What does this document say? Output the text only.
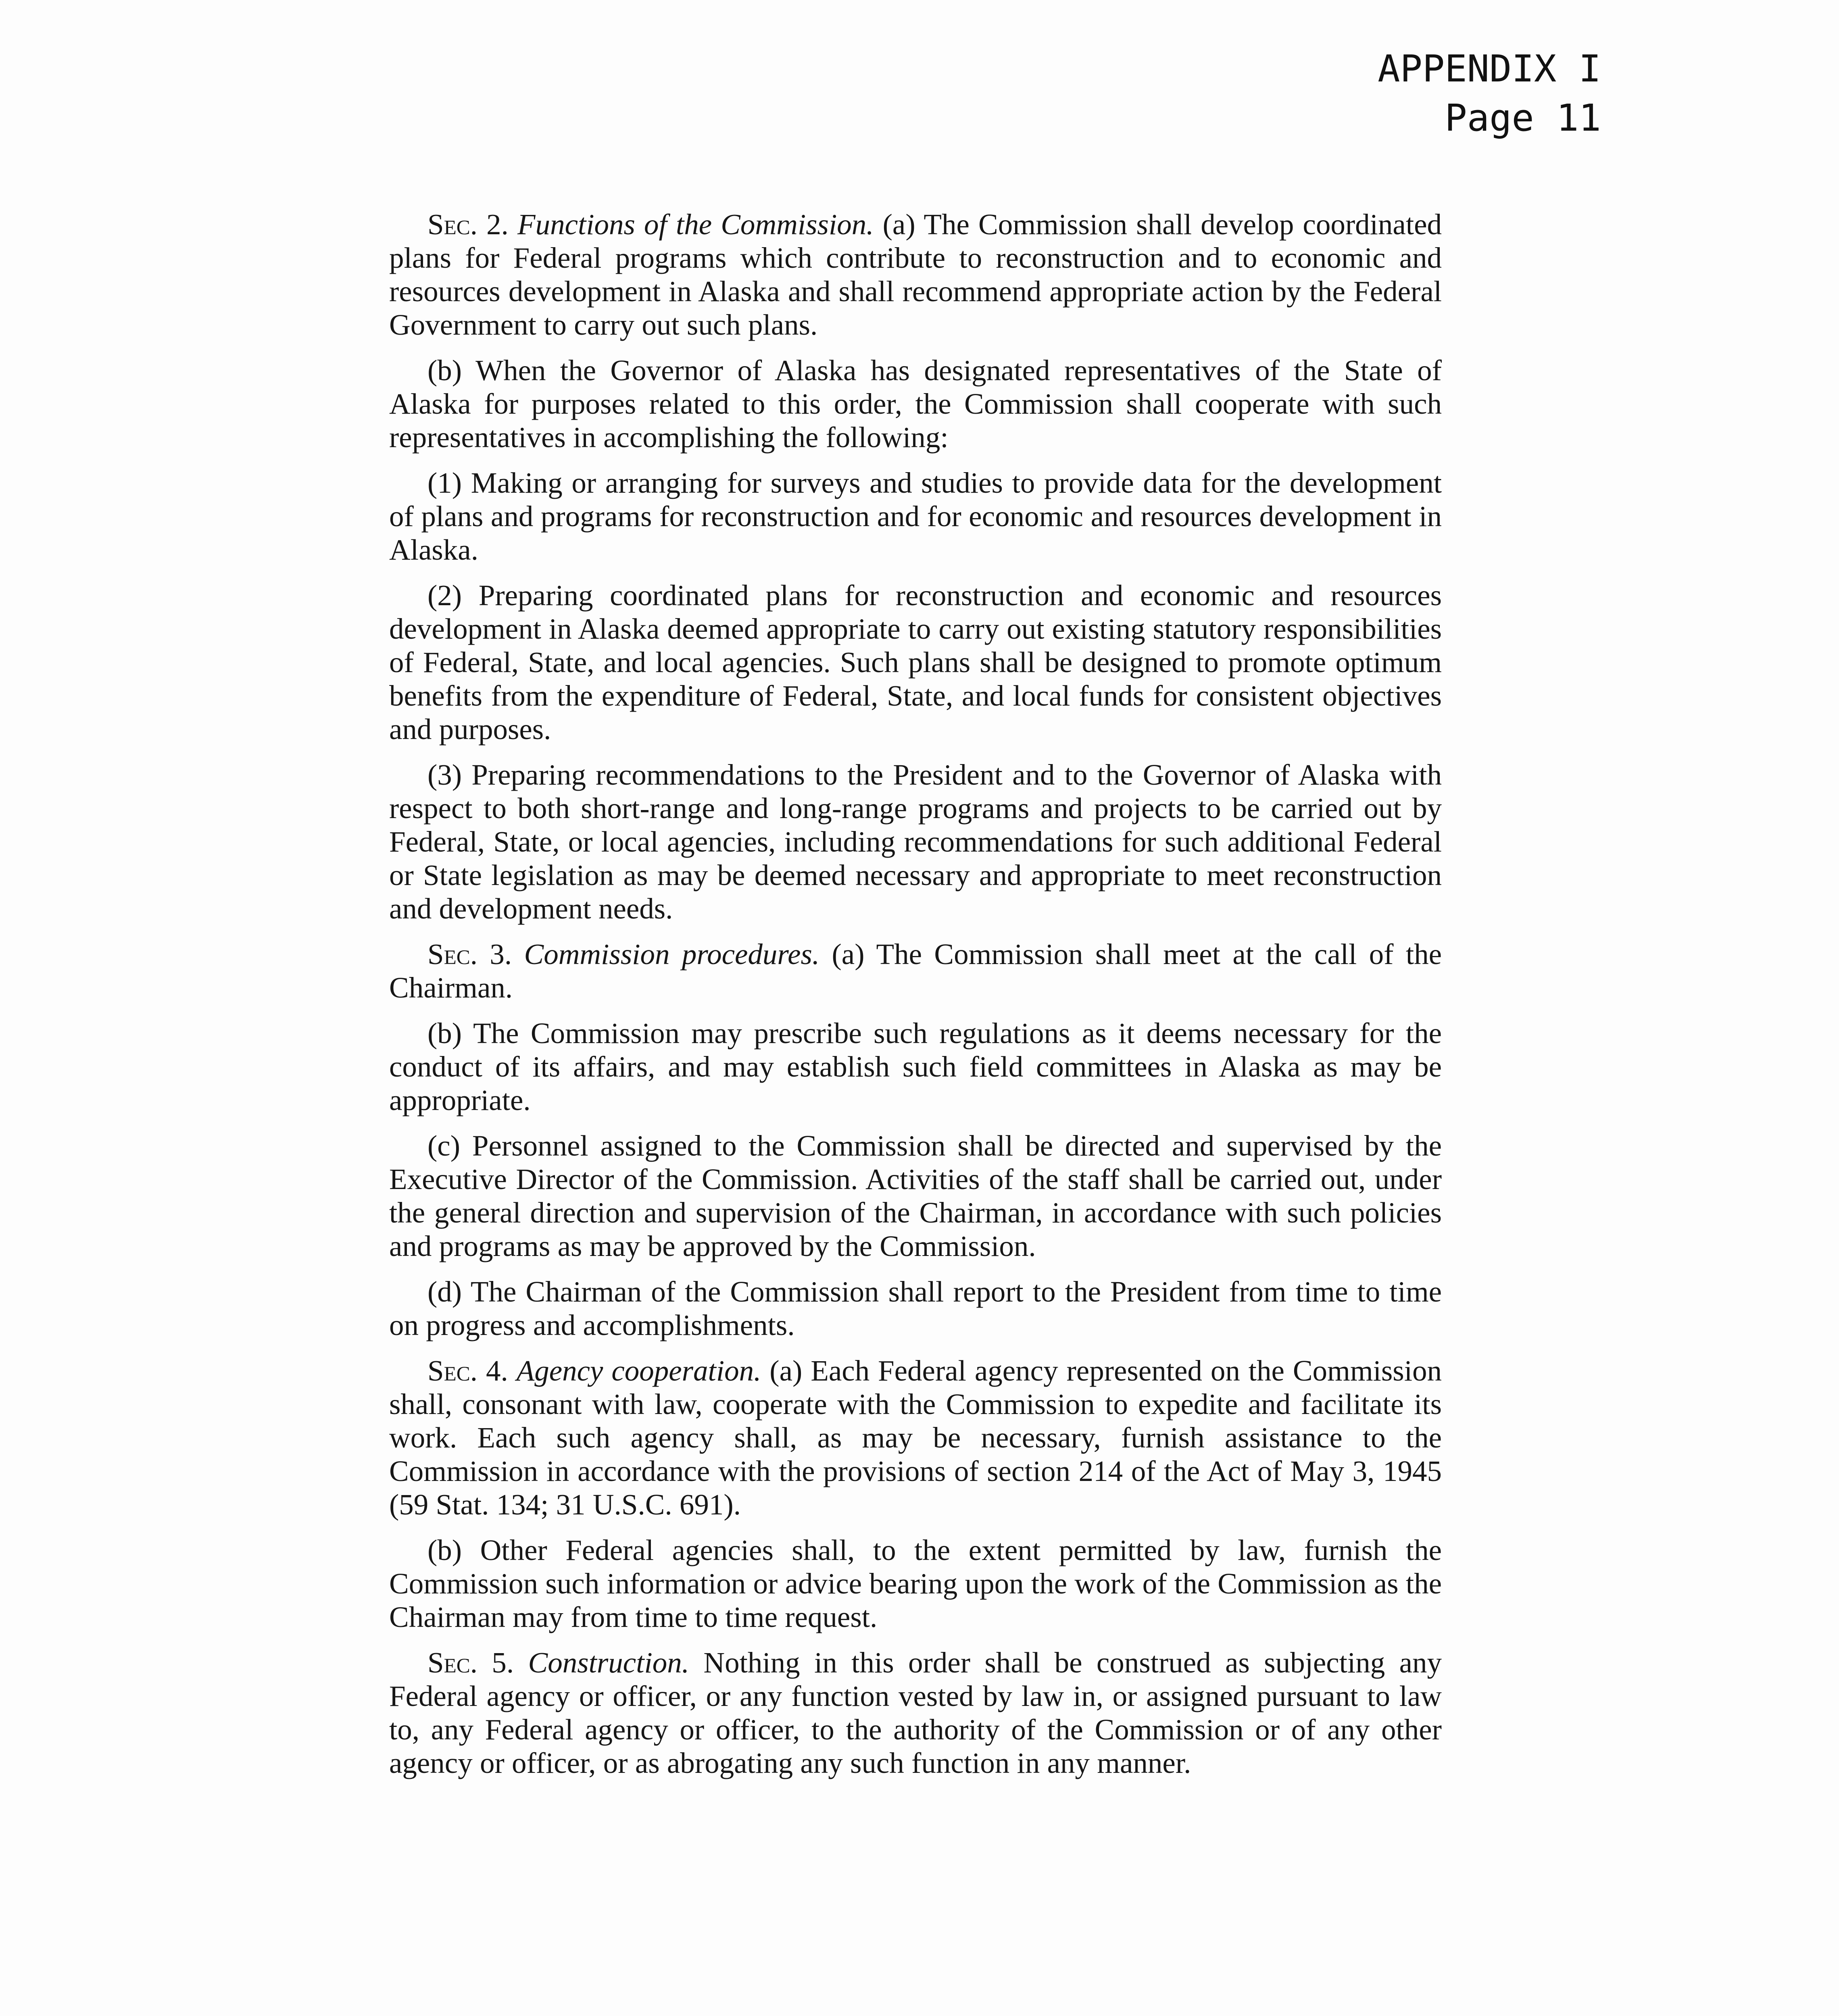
APPENDIX I
Page 11

Sec. 2. Functions of the Commission. (a) The Commission shall develop coordinated plans for Federal programs which contribute to reconstruction and to economic and resources development in Alaska and shall recommend appropriate action by the Federal Government to carry out such plans.

(b) When the Governor of Alaska has designated representatives of the State of Alaska for purposes related to this order, the Commission shall cooperate with such representatives in accomplishing the following:

(1) Making or arranging for surveys and studies to provide data for the development of plans and programs for reconstruction and for economic and resources development in Alaska.

(2) Preparing coordinated plans for reconstruction and economic and resources development in Alaska deemed appropriate to carry out existing statutory responsibilities of Federal, State, and local agencies. Such plans shall be designed to promote optimum benefits from the expenditure of Federal, State, and local funds for consistent objectives and purposes.

(3) Preparing recommendations to the President and to the Governor of Alaska with respect to both short-range and long-range programs and projects to be carried out by Federal, State, or local agencies, including recommendations for such additional Federal or State legislation as may be deemed necessary and appropriate to meet reconstruction and development needs.

Sec. 3. Commission procedures. (a) The Commission shall meet at the call of the Chairman.

(b) The Commission may prescribe such regulations as it deems necessary for the conduct of its affairs, and may establish such field committees in Alaska as may be appropriate.

(c) Personnel assigned to the Commission shall be directed and supervised by the Executive Director of the Commission. Activities of the staff shall be carried out, under the general direction and supervision of the Chairman, in accordance with such policies and programs as may be approved by the Commission.

(d) The Chairman of the Commission shall report to the President from time to time on progress and accomplishments.

Sec. 4. Agency cooperation. (a) Each Federal agency represented on the Commission shall, consonant with law, cooperate with the Commission to expedite and facilitate its work. Each such agency shall, as may be necessary, furnish assistance to the Commission in accordance with the provisions of section 214 of the Act of May 3, 1945 (59 Stat. 134; 31 U.S.C. 691).

(b) Other Federal agencies shall, to the extent permitted by law, furnish the Commission such information or advice bearing upon the work of the Commission as the Chairman may from time to time request.

Sec. 5. Construction. Nothing in this order shall be construed as subjecting any Federal agency or officer, or any function vested by law in, or assigned pursuant to law to, any Federal agency or officer, to the authority of the Commission or of any other agency or officer, or as abrogating any such function in any manner.
